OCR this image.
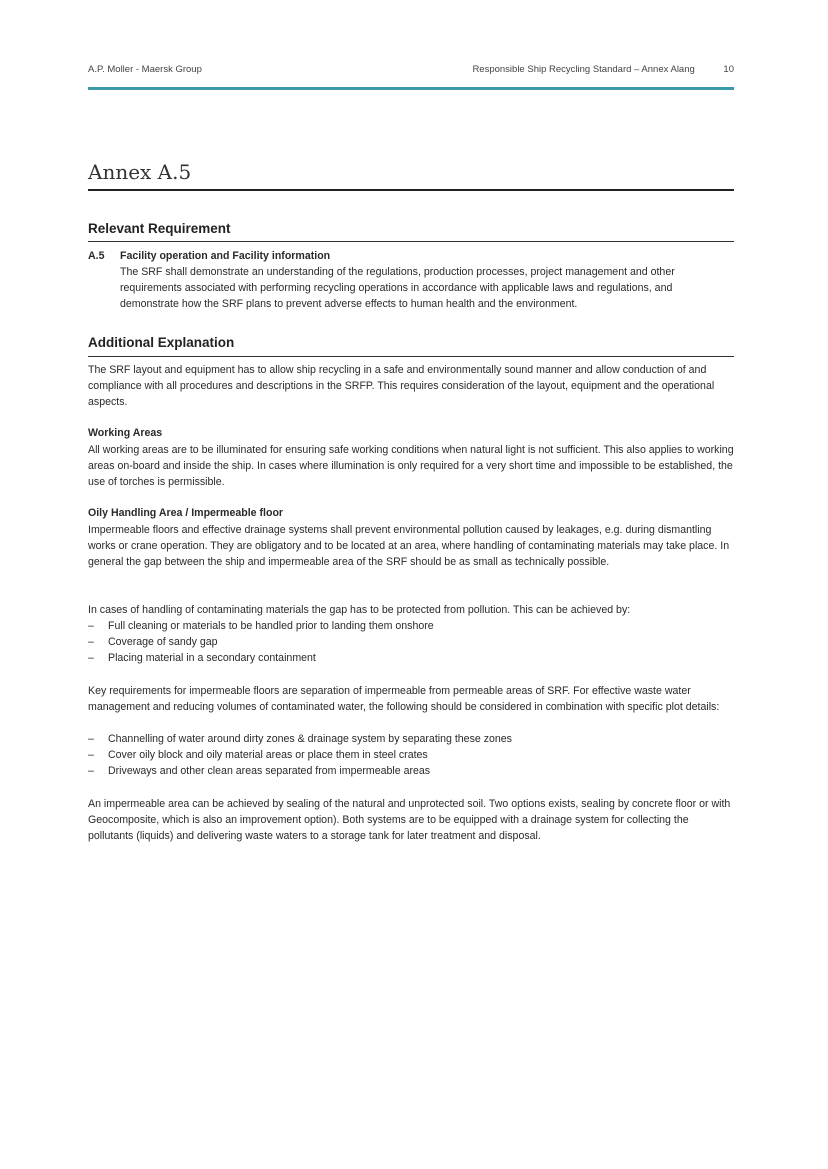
A.P. Moller - Maersk Group	Responsible Ship Recycling Standard – Annex Alang	10
Annex A.5
Relevant Requirement
A.5 Facility operation and Facility information
The SRF shall demonstrate an understanding of the regulations, production processes, project management and other requirements associated with performing recycling operations in accordance with applicable laws and regulations, and demonstrate how the SRF plans to prevent adverse effects to human health and the environment.
Additional Explanation

The SRF layout and equipment has to allow ship recycling in a safe and environmentally sound manner and allow conduction of and compliance with all procedures and descriptions in the SRFP. This requires consideration of the layout, equipment and the operational aspects.

Working Areas

All working areas are to be illuminated for ensuring safe working conditions when natural light is not sufficient. This also applies to working areas on-board and inside the ship. In cases where illumination is only required for a very short time and impossible to be established, the use of torches is permissible.

Oily Handling Area / Impermeable floor

Impermeable floors and effective drainage systems shall prevent environmental pollution caused by leakages, e.g. during dismantling works or crane operation. They are obligatory and to be located at an area, where handling of contaminating materials may take place. In general the gap between the ship and impermeable area of the SRF should be as small as technically possible.

In cases of handling of contaminating materials the gap has to be protected from pollution. This can be achieved by:

– Full cleaning or materials to be handled prior to landing them onshore
– Coverage of sandy gap
– Placing material in a secondary containment

Key requirements for impermeable floors are separation of impermeable from permeable areas of SRF. For effective waste water management and reducing volumes of contaminated water, the following should be considered in combination with specific plot details:

– Channelling of water around dirty zones & drainage system by separating these zones
– Cover oily block and oily material areas or place them in steel crates
– Driveways and other clean areas separated from impermeable areas

An impermeable area can be achieved by sealing of the natural and unprotected soil. Two options exists, sealing by concrete floor or with Geocomposite, which is also an improvement option). Both systems are to be equipped with a drainage system for collecting the pollutants (liquids) and delivering waste waters to a storage tank for later treatment and disposal.
